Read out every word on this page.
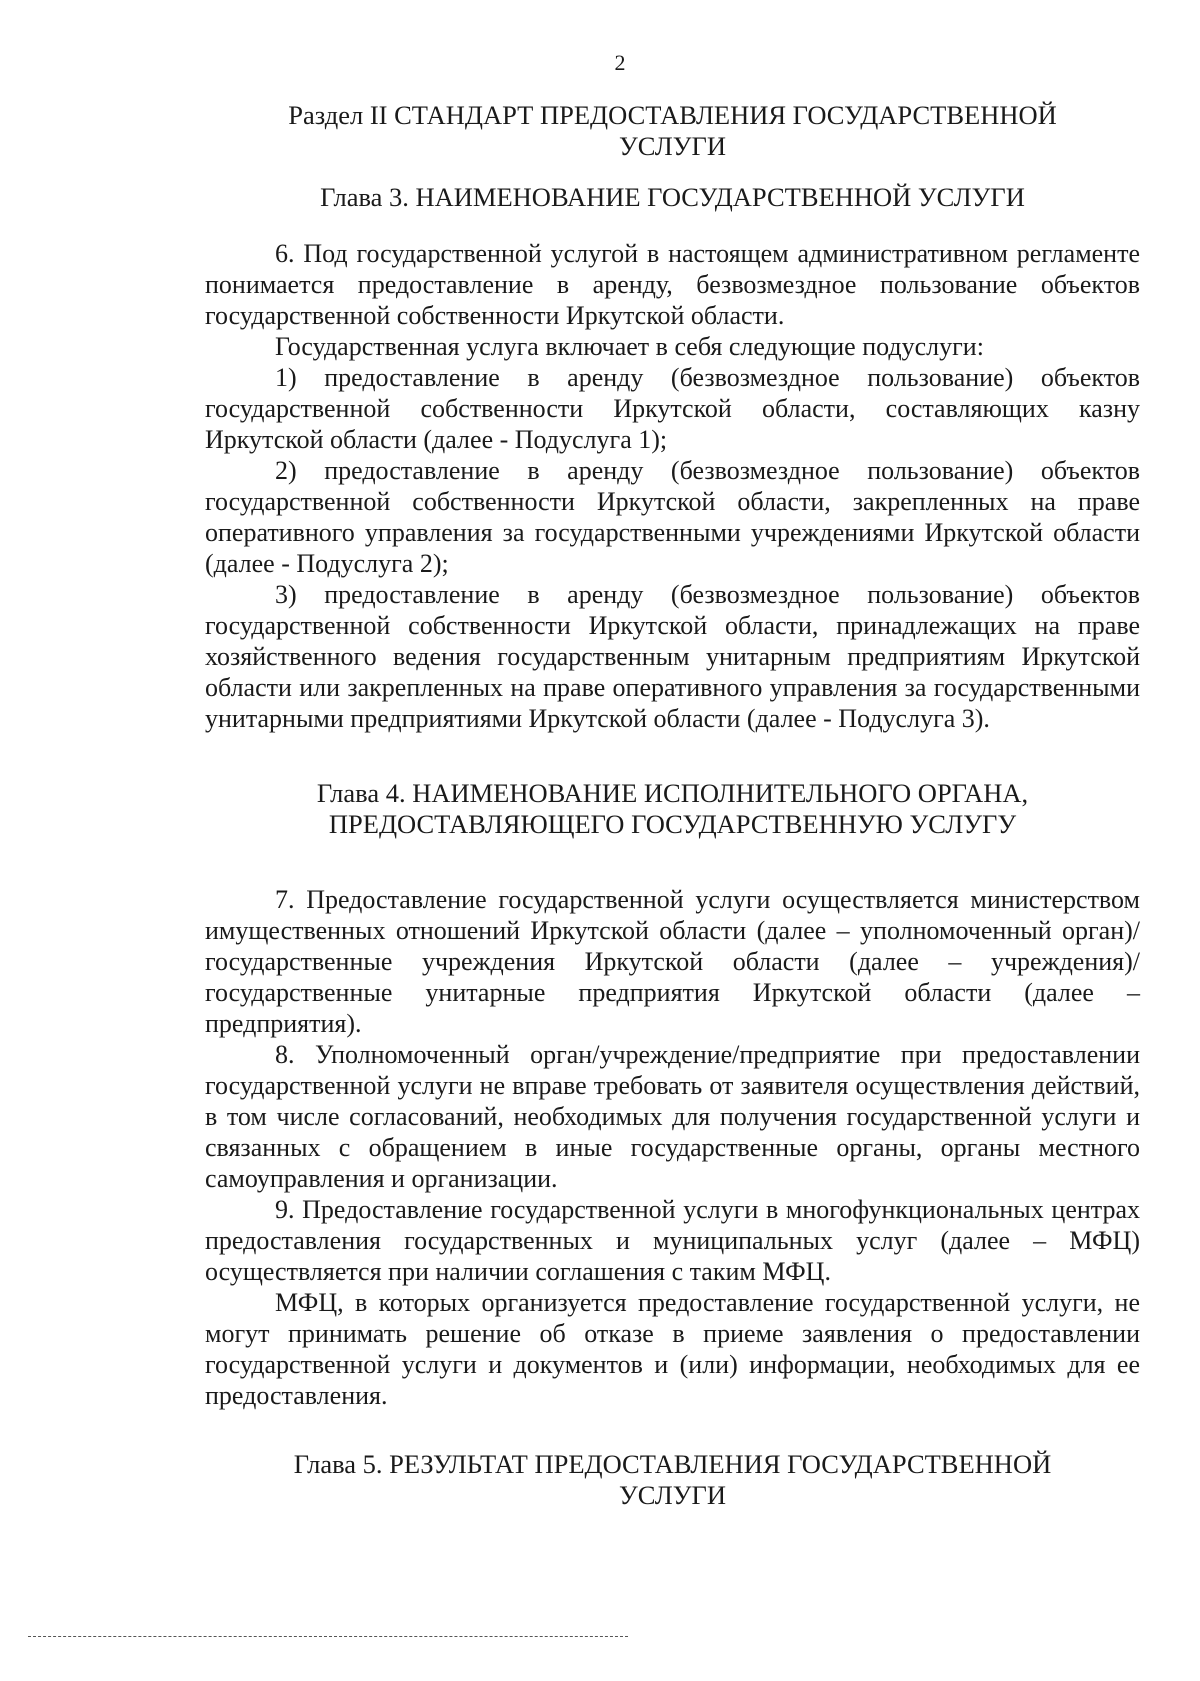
2
Раздел II СТАНДАРТ ПРЕДОСТАВЛЕНИЯ ГОСУДАРСТВЕННОЙ
УСЛУГИ
Глава 3. НАИМЕНОВАНИЕ ГОСУДАРСТВЕННОЙ УСЛУГИ

6. Под государственной услугой в настоящем административном регламенте понимается предоставление в аренду, безвозмездное пользование объектов государственной собственности Иркутской области.

Государственная услуга включает в себя следующие подуслуги:

1) предоставление в аренду (безвозмездное пользование) объектов государственной собственности Иркутской области, составляющих казну Иркутской области (далее - Подуслуга 1);

2) предоставление в аренду (безвозмездное пользование) объектов государственной собственности Иркутской области, закрепленных на праве оперативного управления за государственными учреждениями Иркутской области (далее - Подуслуга 2);

3) предоставление в аренду (безвозмездное пользование) объектов государственной собственности Иркутской области, принадлежащих на праве хозяйственного ведения государственным унитарным предприятиям Иркутской области или закрепленных на праве оперативного управления за государственными унитарными предприятиями Иркутской области (далее - Подуслуга 3).

Глава 4. НАИМЕНОВАНИЕ ИСПОЛНИТЕЛЬНОГО ОРГАНА,
ПРЕДОСТАВЛЯЮЩЕГО ГОСУДАРСТВЕННУЮ УСЛУГУ

7. Предоставление государственной услуги осуществляется министерством имущественных отношений Иркутской области (далее – уполномоченный орган)/государственные учреждения Иркутской области (далее – учреждения)/государственные унитарные предприятия Иркутской области (далее – предприятия).

8. Уполномоченный орган/учреждение/предприятие при предоставлении государственной услуги не вправе требовать от заявителя осуществления действий, в том числе согласований, необходимых для получения государственной услуги и связанных с обращением в иные государственные органы, органы местного самоуправления и организации.

9. Предоставление государственной услуги в многофункциональных центрах предоставления государственных и муниципальных услуг (далее – МФЦ) осуществляется при наличии соглашения с таким МФЦ.

МФЦ, в которых организуется предоставление государственной услуги, не могут принимать решение об отказе в приеме заявления о предоставлении государственной услуги и документов и (или) информации, необходимых для ее предоставления.

Глава 5. РЕЗУЛЬТАТ ПРЕДОСТАВЛЕНИЯ ГОСУДАРСТВЕННОЙ
УСЛУГИ
